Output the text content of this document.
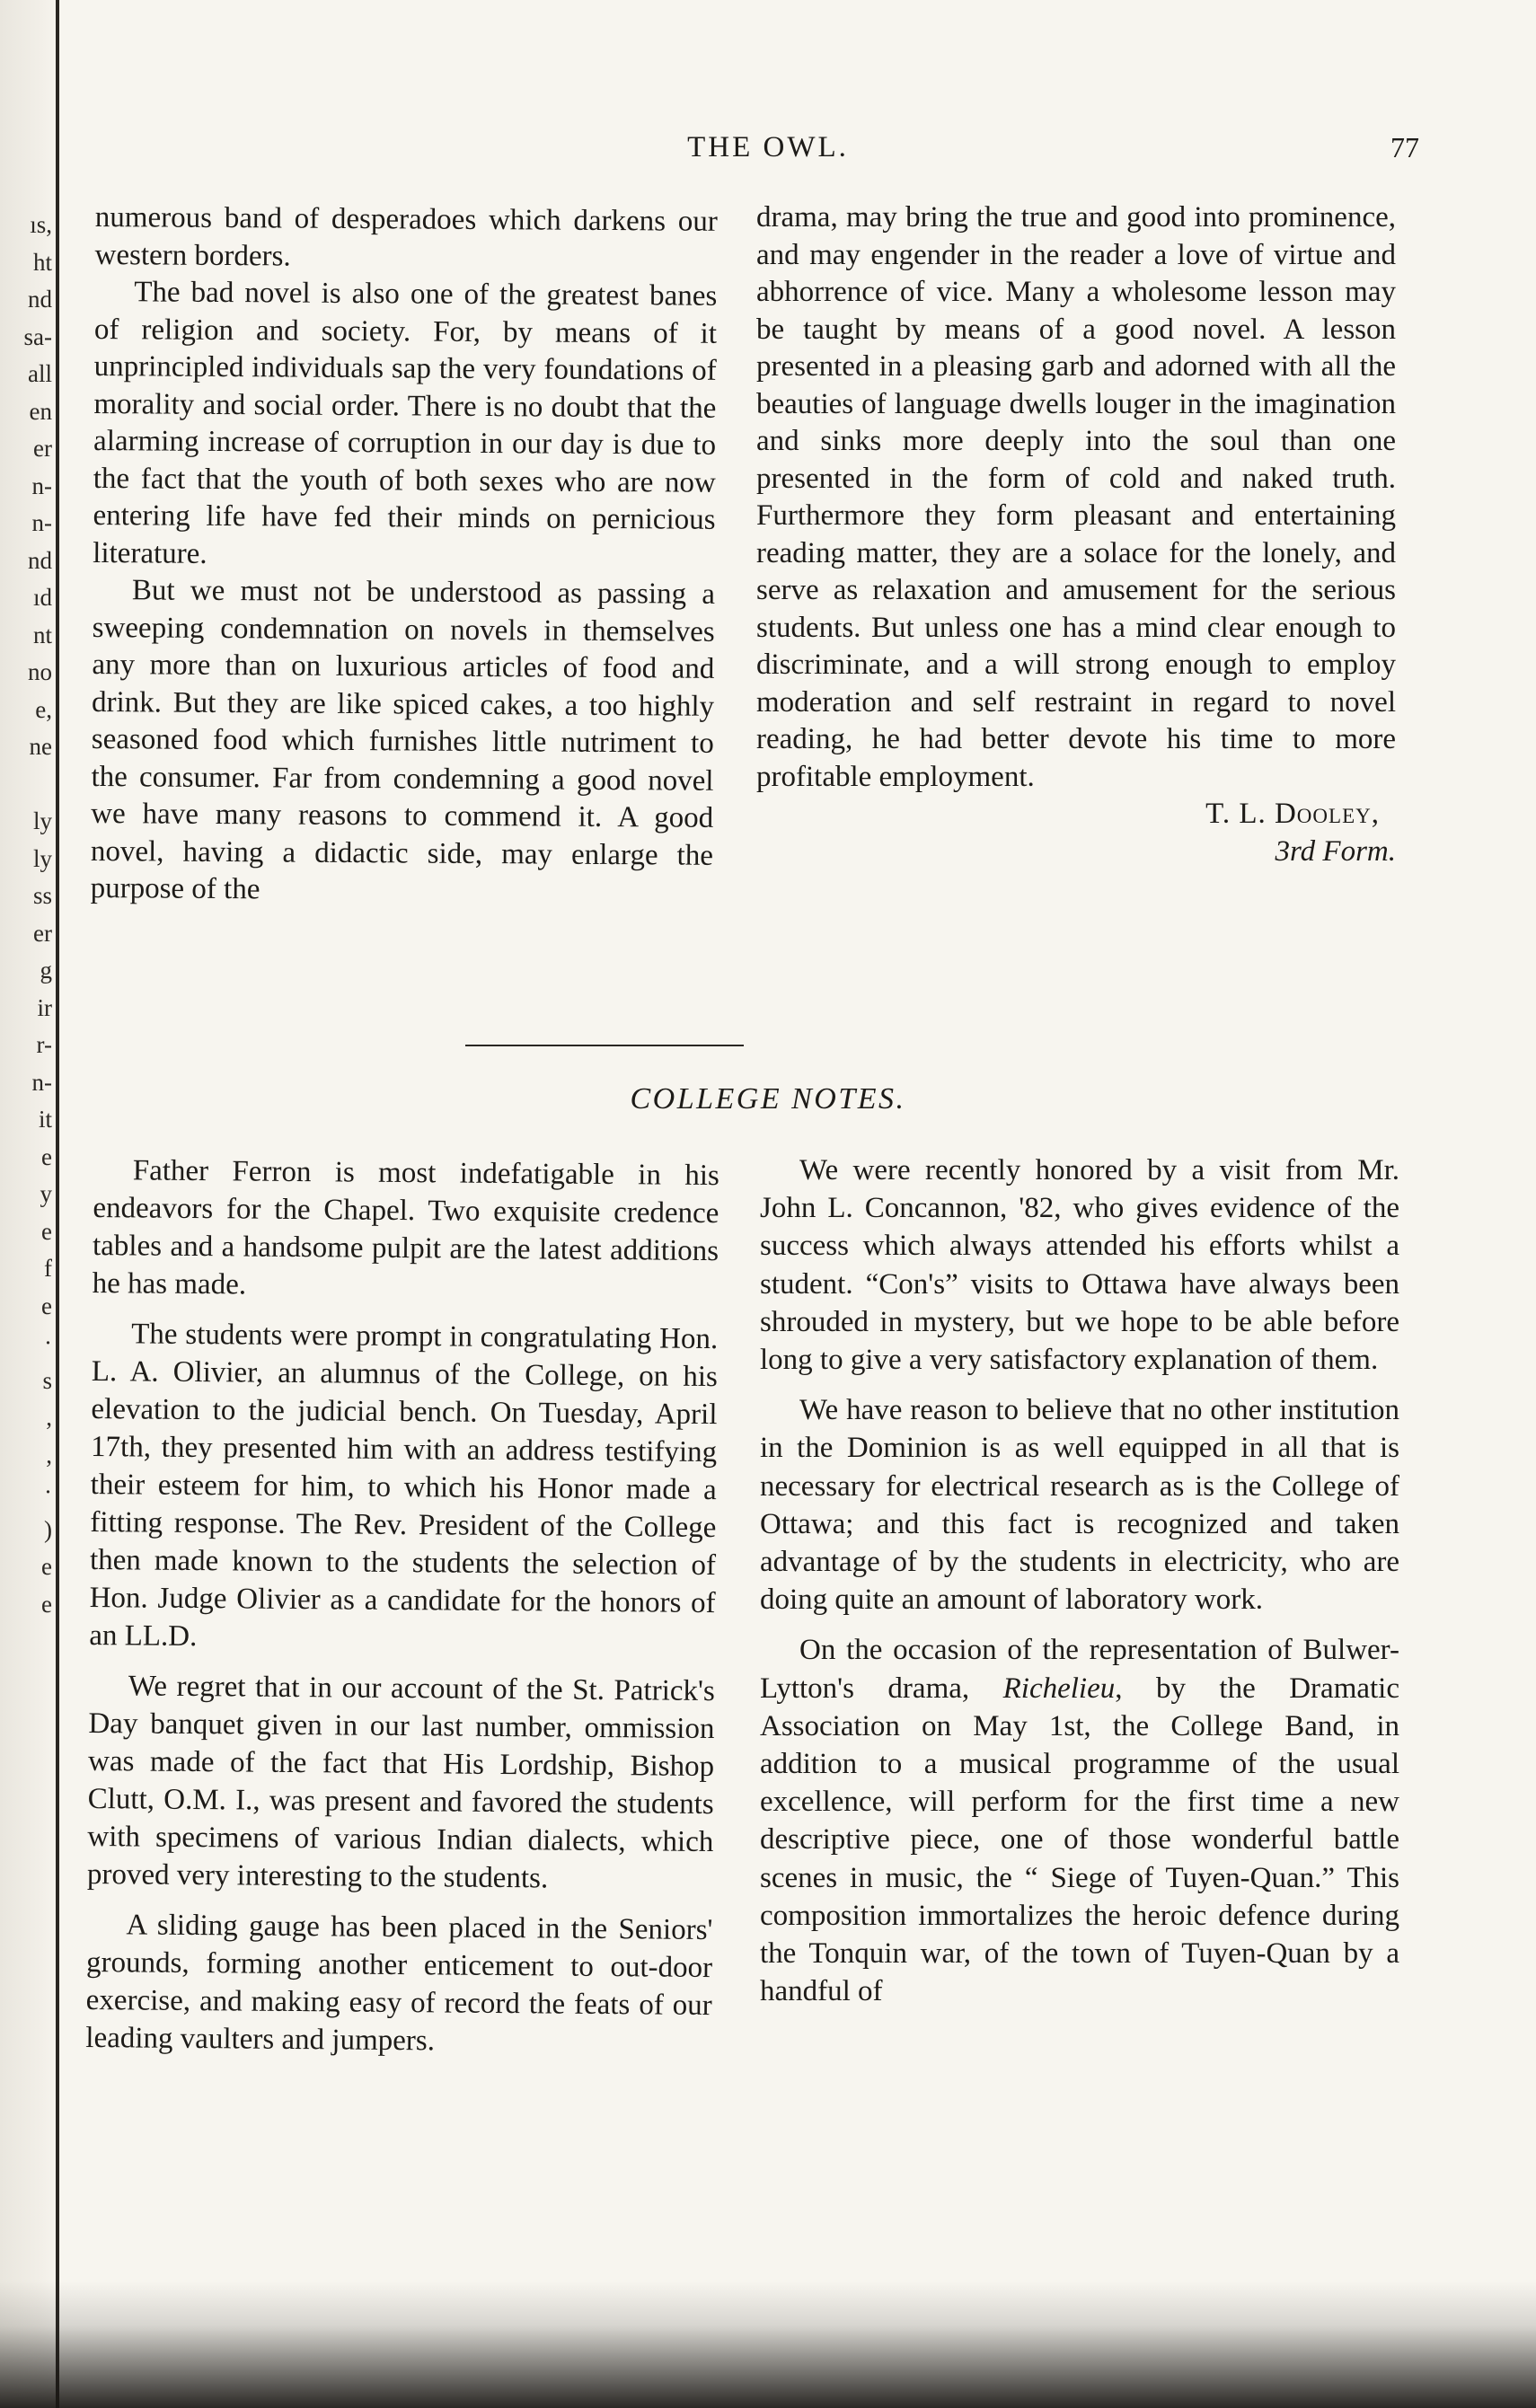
ıs,
ht
nd
sa-
all
en
er
n-
n-
nd
ıd
nt
no
e,
ne
ly
ly
ss
er
g
ir
r-
n-
it
e
y
e
f
e
·
s
,
,
·
)
e
e
THE OWL.	77

numerous band of desperadoes which darkens our western borders.

The bad novel is also one of the greatest banes of religion and society. For, by means of it unprincipled individuals sap the very foundations of morality and social order. There is no doubt that the alarming increase of corruption in our day is due to the fact that the youth of both sexes who are now entering life have fed their minds on pernicious literature.

But we must not be understood as passing a sweeping condemnation on novels in themselves any more than on luxurious articles of food and drink. But they are like spiced cakes, a too highly seasoned food which furnishes little nutriment to the consumer. Far from condemning a good novel we have many reasons to commend it. A good novel, having a didactic side, may enlarge the purpose of the

drama, may bring the true and good into prominence, and may engender in the reader a love of virtue and abhorrence of vice. Many a wholesome lesson may be taught by means of a good novel. A lesson presented in a pleasing garb and adorned with all the beauties of language dwells louger in the imagination and sinks more deeply into the soul than one presented in the form of cold and naked truth. Furthermore they form pleasant and entertaining reading matter, they are a solace for the lonely, and serve as relaxation and amusement for the serious students. But unless one has a mind clear enough to discriminate, and a will strong enough to employ moderation and self restraint in regard to novel reading, he had better devote his time to more profitable employment.

T. L. Dooley,
3rd Form.
COLLEGE NOTES.

Father Ferron is most indefatigable in his endeavors for the Chapel. Two exquisite credence tables and a handsome pulpit are the latest additions he has made.

The students were prompt in congratulating Hon. L. A. Olivier, an alumnus of the College, on his elevation to the judicial bench. On Tuesday, April 17th, they presented him with an address testifying their esteem for him, to which his Honor made a fitting response. The Rev. President of the College then made known to the students the selection of Hon. Judge Olivier as a candidate for the honors of an LL.D.

We regret that in our account of the St. Patrick's Day banquet given in our last number, ommission was made of the fact that His Lordship, Bishop Clutt, O.M. I., was present and favored the students with specimens of various Indian dialects, which proved very interesting to the students.

A sliding gauge has been placed in the Seniors' grounds, forming another enticement to out-door exercise, and making easy of record the feats of our leading vaulters and jumpers.

We were recently honored by a visit from Mr. John L. Concannon, '82, who gives evidence of the success which always attended his efforts whilst a student. “Con's” visits to Ottawa have always been shrouded in mystery, but we hope to be able before long to give a very satisfactory explanation of them.

We have reason to believe that no other institution in the Dominion is as well equipped in all that is necessary for electrical research as is the College of Ottawa; and this fact is recognized and taken advantage of by the students in electricity, who are doing quite an amount of laboratory work.

On the occasion of the representation of Bulwer-Lytton's drama, Richelieu, by the Dramatic Association on May 1st, the College Band, in addition to a musical programme of the usual excellence, will perform for the first time a new descriptive piece, one of those wonderful battle scenes in music, the “ Siege of Tuyen-Quan.” This composition immortalizes the heroic defence during the Tonquin war, of the town of Tuyen-Quan by a handful of
